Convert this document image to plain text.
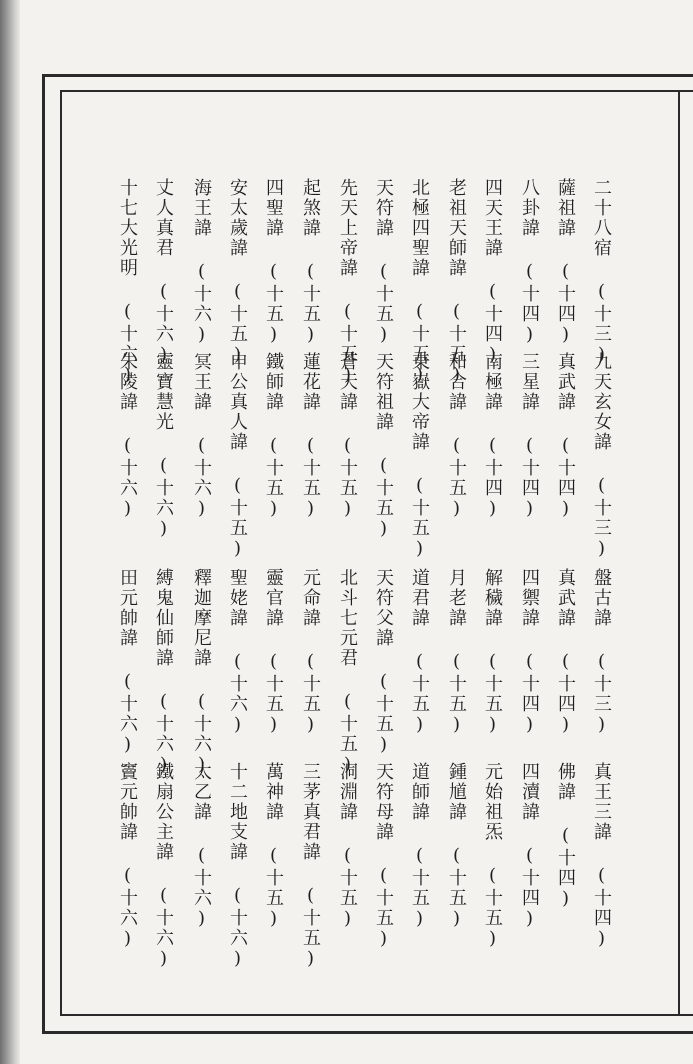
二十八宿 (十三)
九天玄女諱 (十三)
盤古諱 (十三)
真王三諱 (十四)
薩祖諱 (十四)
真武諱 (十四)
真武諱 (十四)
佛諱 (十四)
八卦諱 (十四)
三星諱 (十四)
四禦諱 (十四)
四瀆諱 (十四)
四天王諱 (十四)
南極諱 (十四)
解穢諱 (十五)
元始祖炁 (十五)
老祖天師諱 (十五)
和合諱 (十五)
月老諱 (十五)
鍾馗諱 (十五)
北極四聖諱 (十五)
東嶽大帝諱 (十五)
道君諱 (十五)
道師諱 (十五)
天符諱 (十五)
天符祖諱 (十五)
天符父諱 (十五)
天符母諱 (十五)
先天上帝諱 (十五)
蒼天諱 (十五)
北斗七元君 (十五)
洞淵諱 (十五)
起煞諱 (十五)
蓮花諱 (十五)
元命諱 (十五)
三茅真君諱 (十五)
四聖諱 (十五)
鐵師諱 (十五)
靈官諱 (十五)
萬神諱 (十五)
安太歲諱 (十五)
申公真人諱 (十五)
聖姥諱 (十六)
十二地支諱 (十六)
海王諱 (十六)
冥王諱 (十六)
釋迦摩尼諱 (十六)
太乙諱 (十六)
丈人真君 (十六)
靈寶慧光 (十六)
縛鬼仙師諱 (十六)
鐵扇公主諱 (十六)
十七大光明 (十六)
朱陵諱 (十六)
田元帥諱 (十六)
竇元帥諱 (十六)
